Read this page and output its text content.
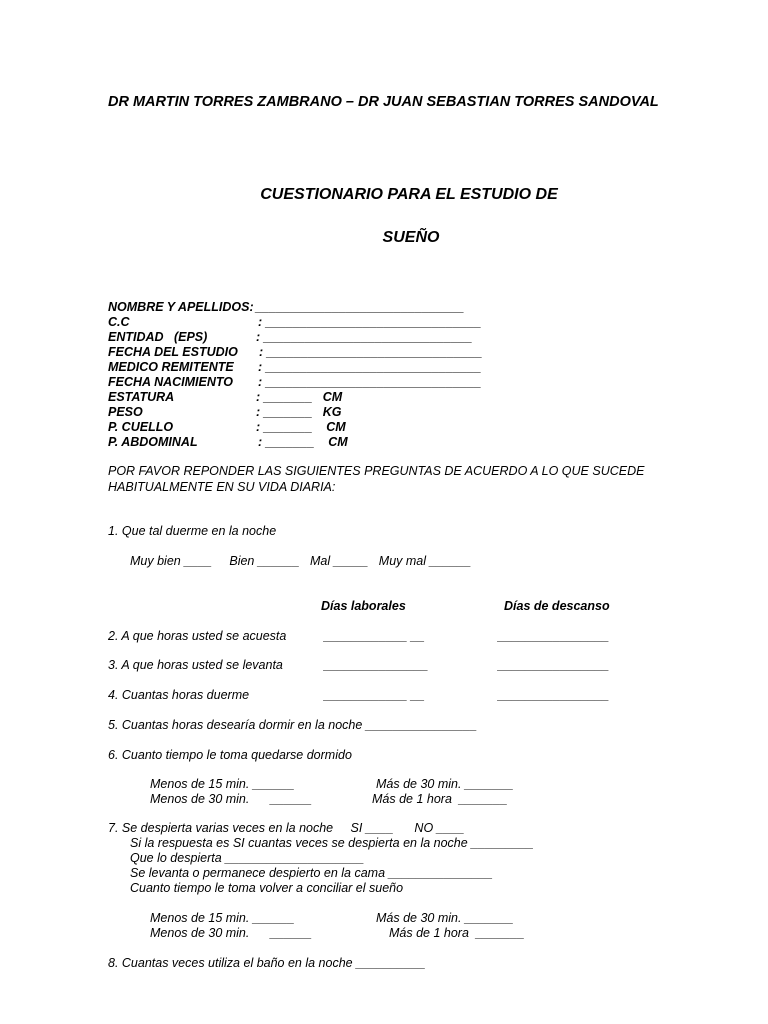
DR MARTIN TORRES ZAMBRANO – DR JUAN SEBASTIAN TORRES SANDOVAL
CUESTIONARIO PARA EL ESTUDIO DE
SUEÑO
NOMBRE Y APELLIDOS:
______________________________
C.C	: _______________________________
ENTIDAD   (EPS)	: ______________________________
FECHA DEL ESTUDIO : _______________________________
MEDICO REMITENTE : _______________________________
FECHA NACIMIENTO : _______________________________
ESTATURA	: _______   CM
PESO	: _______   KG
P. CUELLO	: _______    CM
P. ABDOMINAL	: _______    CM
POR FAVOR REPONDER LAS SIGUIENTES PREGUNTAS DE ACUERDO A LO QUE SUCEDE
HABITUALMENTE EN SU VIDA DIARIA:
1. Que tal duerme en la noche
Muy bien ____     Bien ______   Mal _____   Muy mal ______
Días laborales	Días de descanso
2. A que horas usted se acuesta	____________ __	________________
3. A que horas usted se levanta	_______________	________________
4. Cuantas horas duerme	____________ __	________________
5. Cuantas horas desearía dormir en la noche ________________
6. Cuanto tiempo le toma quedarse dormido
Menos de 15 min. ______	Más de 30 min. _______
Menos de 30 min.      ______	Más de 1 hora  _______
7. Se despierta varias veces en la noche     SI ____      NO ____
Si la respuesta es SI cuantas veces se despierta en la noche _________
Que lo despierta ____________________
Se levanta o permanece despierto en la cama _______________
Cuanto tiempo le toma volver a conciliar el sueño
Menos de 15 min. ______	Más de 30 min. _______
Menos de 30 min.      ______	Más de 1 hora  _______
8. Cuantas veces utiliza el baño en la noche __________
